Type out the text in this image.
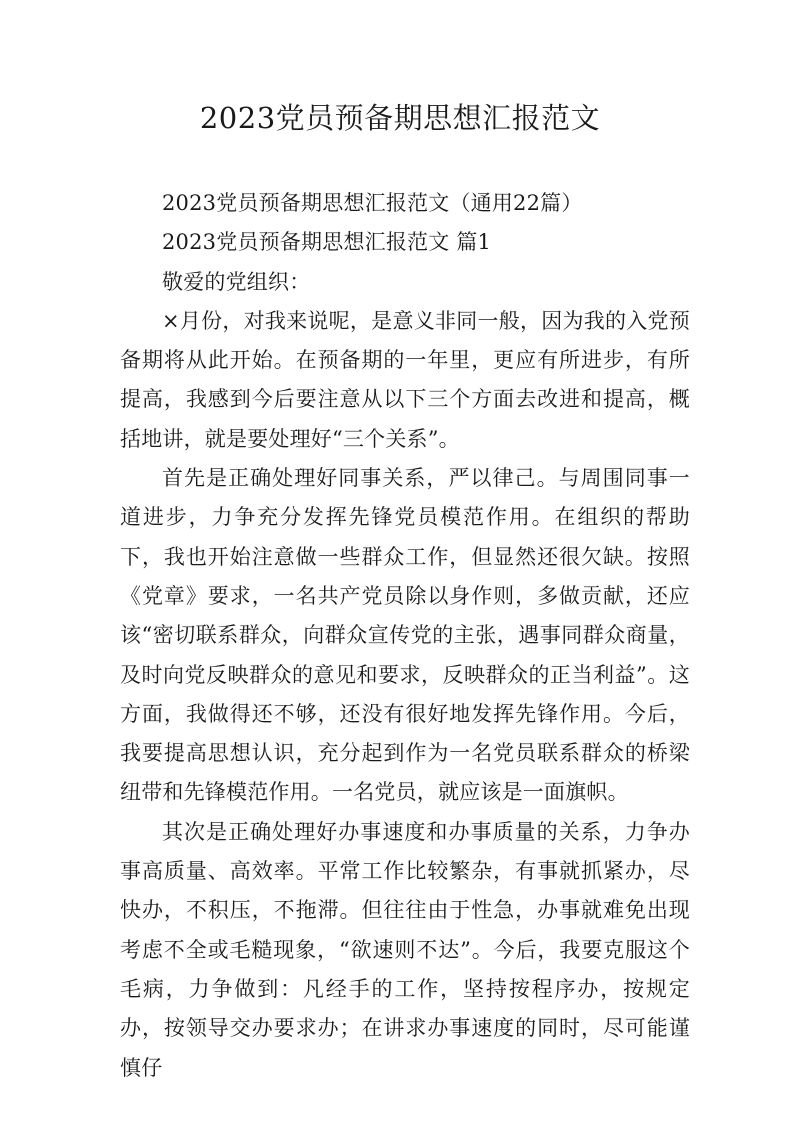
2023党员预备期思想汇报范文

2023党员预备期思想汇报范文（通用22篇）

2023党员预备期思想汇报范文 篇1

敬爱的党组织：

×月份，对我来说呢，是意义非同一般，因为我的入党预备期将从此开始。在预备期的一年里，更应有所进步，有所提高，我感到今后要注意从以下三个方面去改进和提高，概括地讲，就是要处理好“三个关系”。

首先是正确处理好同事关系，严以律己。与周围同事一道进步，力争充分发挥先锋党员模范作用。在组织的帮助下，我也开始注意做一些群众工作，但显然还很欠缺。按照《党章》要求，一名共产党员除以身作则，多做贡献，还应该“密切联系群众，向群众宣传党的主张，遇事同群众商量，及时向党反映群众的意见和要求，反映群众的正当利益”。这方面，我做得还不够，还没有很好地发挥先锋作用。今后，我要提高思想认识，充分起到作为一名党员联系群众的桥梁纽带和先锋模范作用。一名党员，就应该是一面旗帜。

其次是正确处理好办事速度和办事质量的关系，力争办事高质量、高效率。平常工作比较繁杂，有事就抓紧办，尽快办，不积压，不拖滞。但往往由于性急，办事就难免出现考虑不全或毛糙现象，“欲速则不达”。今后，我要克服这个毛病，力争做到：凡经手的工作，坚持按程序办，按规定办，按领导交办要求办；在讲求办事速度的同时，尽可能谨慎仔
